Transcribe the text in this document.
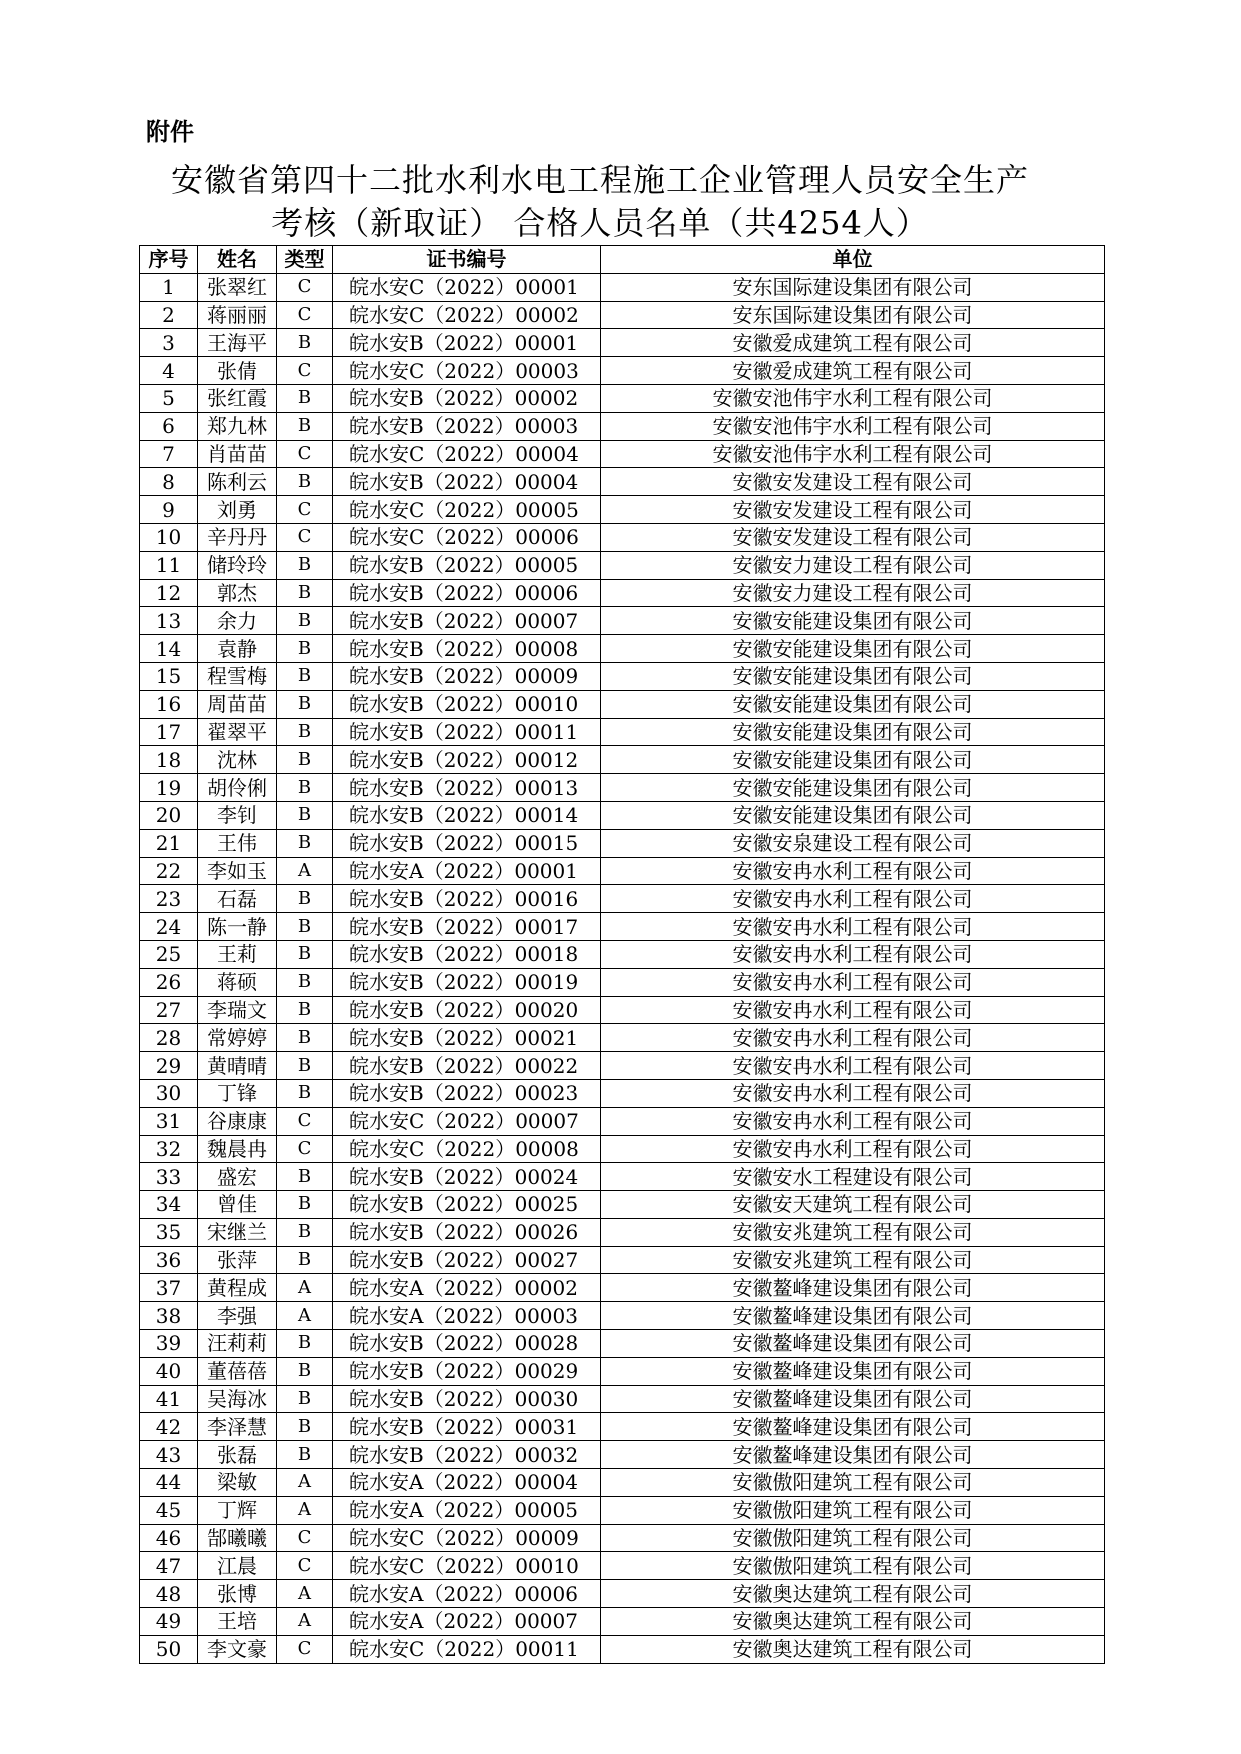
附件
安徽省第四十二批水利水电工程施工企业管理人员安全生产
考核（新取证） 合格人员名单（共4254人）
序号	姓名	类型	证书编号	单位
1	张翠红	C	皖水安C（2022）00001	安东国际建设集团有限公司
2	蒋丽丽	C	皖水安C（2022）00002	安东国际建设集团有限公司
3	王海平	B	皖水安B（2022）00001	安徽爱成建筑工程有限公司
4	张倩	C	皖水安C（2022）00003	安徽爱成建筑工程有限公司
5	张红霞	B	皖水安B（2022）00002	安徽安池伟宇水利工程有限公司
6	郑九林	B	皖水安B（2022）00003	安徽安池伟宇水利工程有限公司
7	肖苗苗	C	皖水安C（2022）00004	安徽安池伟宇水利工程有限公司
8	陈利云	B	皖水安B（2022）00004	安徽安发建设工程有限公司
9	刘勇	C	皖水安C（2022）00005	安徽安发建设工程有限公司
10	辛丹丹	C	皖水安C（2022）00006	安徽安发建设工程有限公司
11	储玲玲	B	皖水安B（2022）00005	安徽安力建设工程有限公司
12	郭杰	B	皖水安B（2022）00006	安徽安力建设工程有限公司
13	余力	B	皖水安B（2022）00007	安徽安能建设集团有限公司
14	袁静	B	皖水安B（2022）00008	安徽安能建设集团有限公司
15	程雪梅	B	皖水安B（2022）00009	安徽安能建设集团有限公司
16	周苗苗	B	皖水安B（2022）00010	安徽安能建设集团有限公司
17	翟翠平	B	皖水安B（2022）00011	安徽安能建设集团有限公司
18	沈林	B	皖水安B（2022）00012	安徽安能建设集团有限公司
19	胡伶俐	B	皖水安B（2022）00013	安徽安能建设集团有限公司
20	李钊	B	皖水安B（2022）00014	安徽安能建设集团有限公司
21	王伟	B	皖水安B（2022）00015	安徽安泉建设工程有限公司
22	李如玉	A	皖水安A（2022）00001	安徽安冉水利工程有限公司
23	石磊	B	皖水安B（2022）00016	安徽安冉水利工程有限公司
24	陈一静	B	皖水安B（2022）00017	安徽安冉水利工程有限公司
25	王莉	B	皖水安B（2022）00018	安徽安冉水利工程有限公司
26	蒋硕	B	皖水安B（2022）00019	安徽安冉水利工程有限公司
27	李瑞文	B	皖水安B（2022）00020	安徽安冉水利工程有限公司
28	常婷婷	B	皖水安B（2022）00021	安徽安冉水利工程有限公司
29	黄晴晴	B	皖水安B（2022）00022	安徽安冉水利工程有限公司
30	丁锋	B	皖水安B（2022）00023	安徽安冉水利工程有限公司
31	谷康康	C	皖水安C（2022）00007	安徽安冉水利工程有限公司
32	魏晨冉	C	皖水安C（2022）00008	安徽安冉水利工程有限公司
33	盛宏	B	皖水安B（2022）00024	安徽安水工程建设有限公司
34	曾佳	B	皖水安B（2022）00025	安徽安天建筑工程有限公司
35	宋继兰	B	皖水安B（2022）00026	安徽安兆建筑工程有限公司
36	张萍	B	皖水安B（2022）00027	安徽安兆建筑工程有限公司
37	黄程成	A	皖水安A（2022）00002	安徽鳌峰建设集团有限公司
38	李强	A	皖水安A（2022）00003	安徽鳌峰建设集团有限公司
39	汪莉莉	B	皖水安B（2022）00028	安徽鳌峰建设集团有限公司
40	董蓓蓓	B	皖水安B（2022）00029	安徽鳌峰建设集团有限公司
41	吴海冰	B	皖水安B（2022）00030	安徽鳌峰建设集团有限公司
42	李泽慧	B	皖水安B（2022）00031	安徽鳌峰建设集团有限公司
43	张磊	B	皖水安B（2022）00032	安徽鳌峰建设集团有限公司
44	梁敏	A	皖水安A（2022）00004	安徽傲阳建筑工程有限公司
45	丁辉	A	皖水安A（2022）00005	安徽傲阳建筑工程有限公司
46	郜曦曦	C	皖水安C（2022）00009	安徽傲阳建筑工程有限公司
47	江晨	C	皖水安C（2022）00010	安徽傲阳建筑工程有限公司
48	张博	A	皖水安A（2022）00006	安徽奥达建筑工程有限公司
49	王培	A	皖水安A（2022）00007	安徽奥达建筑工程有限公司
50	李文豪	C	皖水安C（2022）00011	安徽奥达建筑工程有限公司
